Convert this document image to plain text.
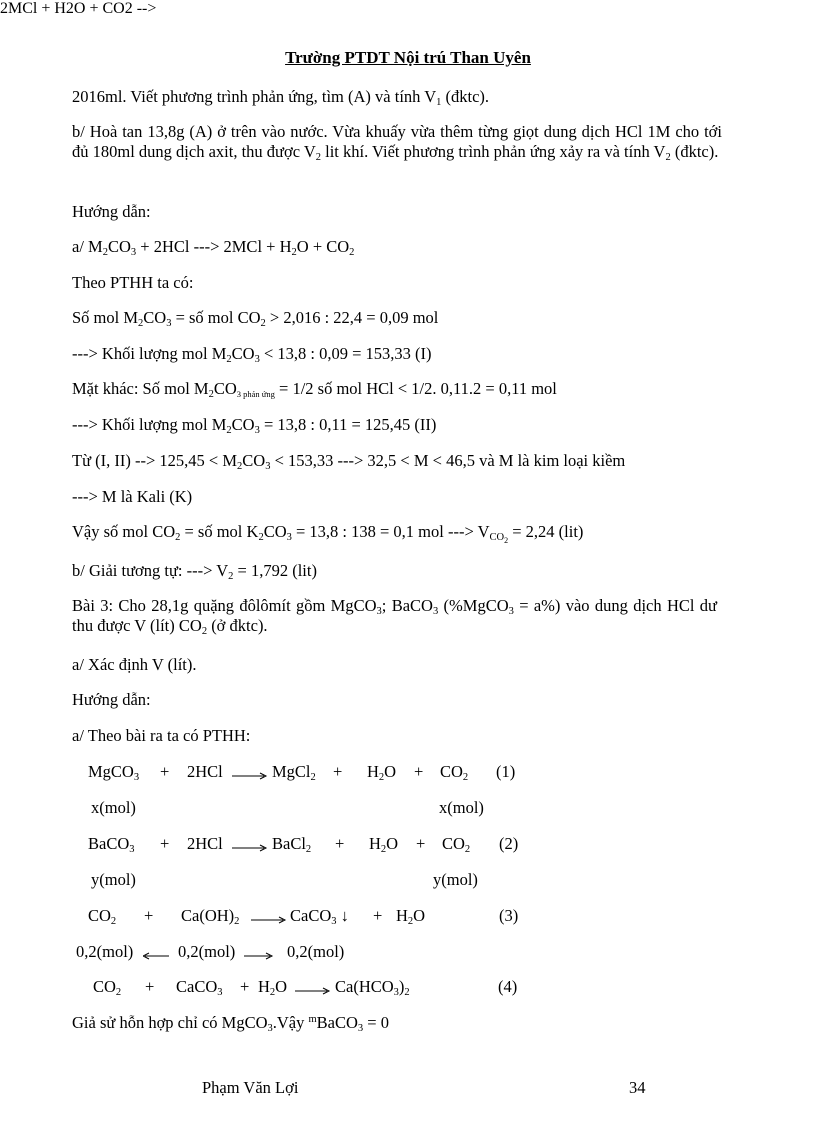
Trường PTDT Nội trú Than Uyên
2016ml. Viết phương trình phản ứng, tìm (A) và tính $V_1$ (đktc).
b/ Hoà tan 13,8g (A) ở trên vào nước. Vừa khuấy vừa thêm từng giọt dung dịch HCl 1M cho tới đủ 180ml dung dịch axit, thu được $V_2$ lit khí. Viết phương trình phản ứng xảy ra và tính $V_2$ (đktc).
Hướng dẫn:
2MCl + H2O + CO2 -->
a/ $M_2CO_3 + 2HCl$ ---> $2MCl + H_2O + CO_2$
Theo PTHH ta có:
Số mol $M_2CO_3$ = số mol $CO_2 > 2,016$ : 22,4 = 0,09 mol
---> Khối lượng mol $M_2CO_3 < 13,8$ : 0,09 = 153,33 (I)
Mặt khác: Số mol $M_2CO_{3 phản ứng} = 1/2$ số mol HCl < 1/2. 0,11.2 = 0,11 mol
---> Khối lượng mol $M_2CO_3 = 13,8$ : 0,11 = 125,45 (II)
Từ (I, II) --> $125,45 < M_2CO_3 < 153,33$ ---> 32,5 < M < 46,5 và M là kim loại kiềm
---> M là Kali (K)
Vậy số mol $CO_2$ = số mol $K_2CO_3 = 13,8$ : 138 = 0,1 mol ---> $V_{CO_2} = 2,24$ (lit)
b/ Giải tương tự: ---> $V_2 = 1,792$ (lit)
Bài 3: Cho 28,1g quặng đôlômít gồm MgCO$_3$; BaCO$_3$ (%MgCO$_3$ = a%) vào dung dịch HCl dư thu được V (lít) $CO_2$ (ở đktc).
a/ Xác định V (lít).
Hướng dẫn:
a/ Theo bài ra ta có PTHH:
MgCO$_3$ + 2HCl → MgCl$_2$ + $H_2O + CO_2$ (1)
x(mol)	x(mol)
BaCO$_3$ + 2HCl → BaCl$_2$ + $H_2O + CO_2$ (2)
y(mol)	y(mol)
$CO_2 + Ca(OH)_2$ → CaCO$_3$ ↓ + $H_2O$	(3)
0,2(mol)	0,2(mol) → 0,2(mol)
$CO_2$ + CaCO$_3$ + $H_2O \to Ca(HCO_3)_2$	(4)
Giả sử hỗn hợp chỉ có MgCO$_3$.Vậy $^m$BaCO$_3$ = 0
Phạm Văn Lợi	34
